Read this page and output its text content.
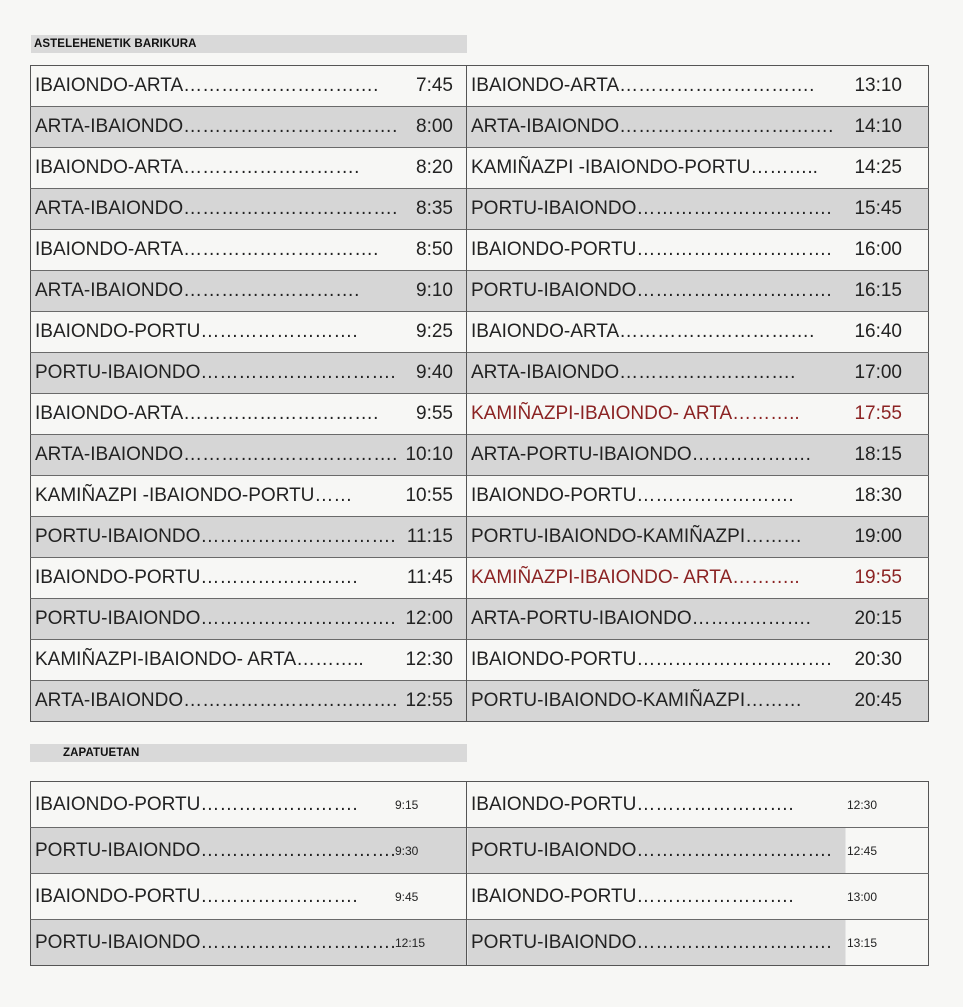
ASTELEHENETIK BARIKURA
IBAIONDO-ARTA…………………………. 7:45	IBAIONDO-ARTA…………………………. 13:10

ARTA-IBAIONDO……………………………. 8:00	ARTA-IBAIONDO……………………………. 14:10

IBAIONDO-ARTA………………………. 8:20	KAMIÑAZPI -IBAIONDO-PORTU……….. 14:25

ARTA-IBAIONDO……………………………. 8:35	PORTU-IBAIONDO…………………………. 15:45

IBAIONDO-ARTA…………………………. 8:50	IBAIONDO-PORTU…………………………. 16:00

ARTA-IBAIONDO………………………. 9:10	PORTU-IBAIONDO…………………………. 16:15

IBAIONDO-PORTU……………………. 9:25	IBAIONDO-ARTA…………………………. 16:40

PORTU-IBAIONDO…………………………. 9:40	ARTA-IBAIONDO………………………. 17:00

IBAIONDO-ARTA…………………………. 9:55	KAMIÑAZPI-IBAIONDO- ARTA……….. 17:55

ARTA-IBAIONDO……………………………. 10:10	ARTA-PORTU-IBAIONDO………………. 18:15

KAMIÑAZPI -IBAIONDO-PORTU…… 10:55	IBAIONDO-PORTU……………………. 18:30

PORTU-IBAIONDO…………………………. 11:15	PORTU-IBAIONDO-KAMIÑAZPI……… 19:00

IBAIONDO-PORTU……………………. 11:45	KAMIÑAZPI-IBAIONDO- ARTA……….. 19:55

PORTU-IBAIONDO…………………………. 12:00	ARTA-PORTU-IBAIONDO………………. 20:15

KAMIÑAZPI-IBAIONDO- ARTA……….. 12:30	IBAIONDO-PORTU…………………………. 20:30

ARTA-IBAIONDO……………………………. 12:55	PORTU-IBAIONDO-KAMIÑAZPI……… 20:45
ZAPATUETAN
IBAIONDO-PORTU……………………. 9:15	IBAIONDO-PORTU……………………. 12:30

PORTU-IBAIONDO…………………………. 9:30	PORTU-IBAIONDO…………………………. 12:45

IBAIONDO-PORTU……………………. 9:45	IBAIONDO-PORTU……………………. 13:00

PORTU-IBAIONDO…………………………. 12:15	PORTU-IBAIONDO…………………………. 13:15
